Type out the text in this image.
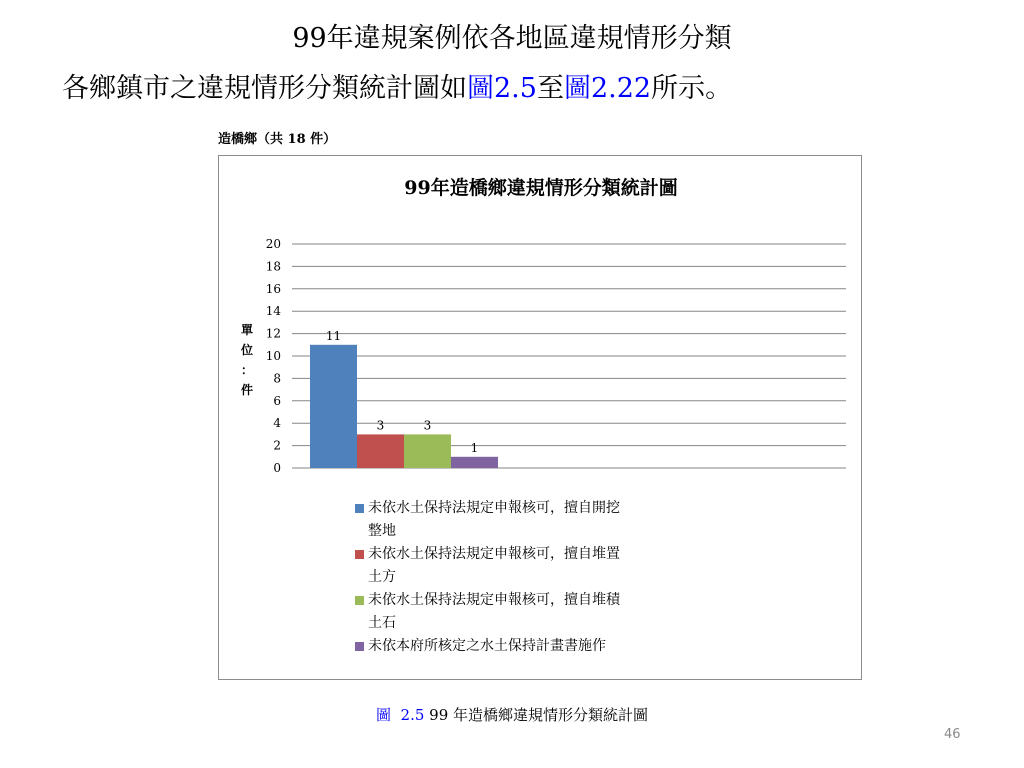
99年違規案例依各地區違規情形分類
各鄉鎮市之違規情形分類統計圖如圖2.5至圖2.22所示。
造橋鄉（共 18 件）
99年造橋鄉違規情形分類統計圖
0
2
4
6
8
10
12
14
16
18
20
單
位
：
件
11
3	3
1
未依水土保持法規定申報核可，擅自開挖
整地
未依水土保持法規定申報核可，擅自堆置
土方
未依水土保持法規定申報核可，擅自堆積
土石
未依本府所核定之水土保持計畫書施作
圖 2.5 99 年造橋鄉違規情形分類統計圖
46
